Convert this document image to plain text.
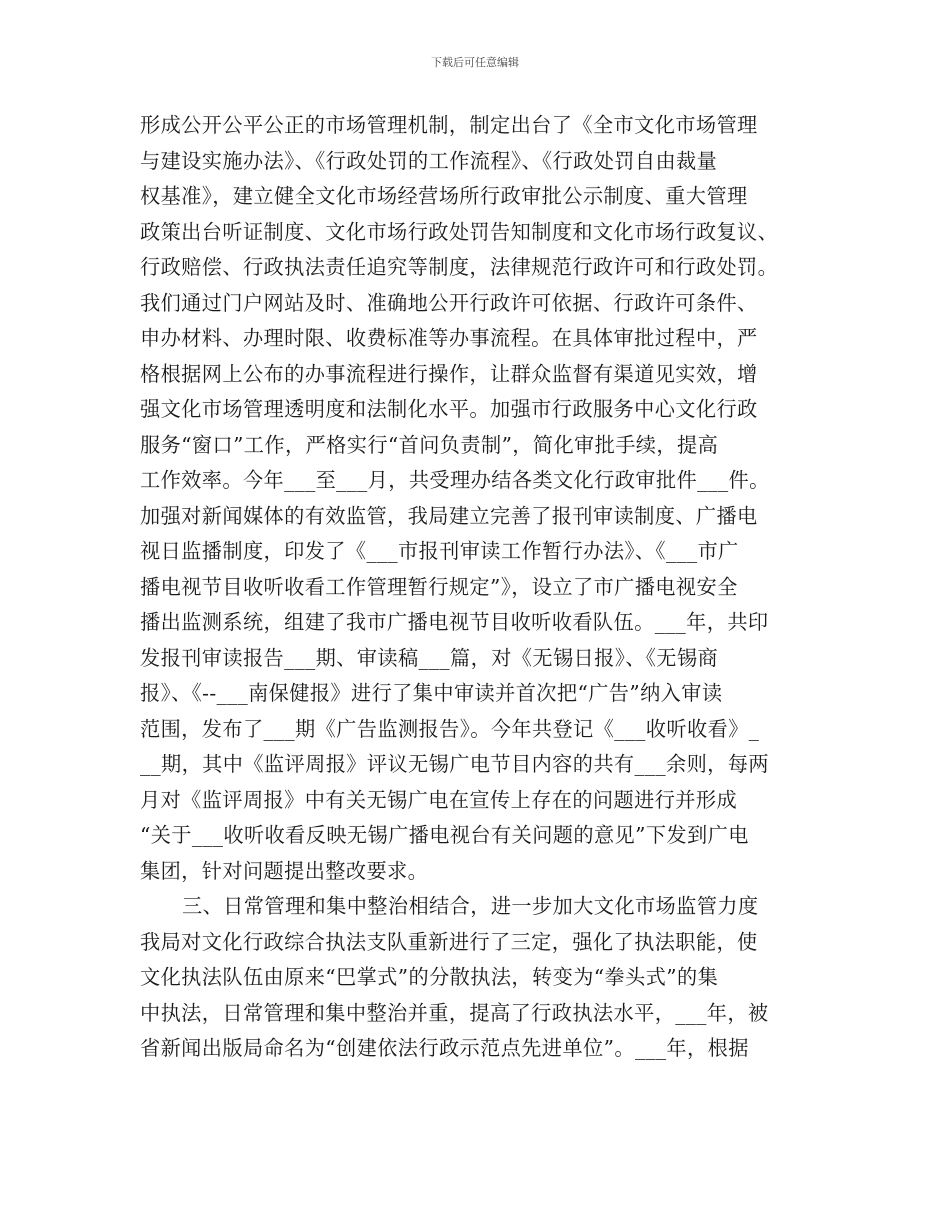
下载后可任意编辑
形成公开公平公正的市场管理机制，制定出台了《全市文化市场管理
与建设实施办法》、《行政处罚的工作流程》、《行政处罚自由裁量
权基准》，建立健全文化市场经营场所行政审批公示制度、重大管理
政策出台听证制度、文化市场行政处罚告知制度和文化市场行政复议、
行政赔偿、行政执法责任追究等制度，法律规范行政许可和行政处罚。
我们通过门户网站及时、准确地公开行政许可依据、行政许可条件、
申办材料、办理时限、收费标准等办事流程。在具体审批过程中，严
格根据网上公布的办事流程进行操作，让群众监督有渠道见实效，增
强文化市场管理透明度和法制化水平。加强市行政服务中心文化行政
服务“窗口”工作，严格实行“首问负责制”，简化审批手续，提高
工作效率。今年___至___月，共受理办结各类文化行政审批件___件。
加强对新闻媒体的有效监管，我局建立完善了报刊审读制度、广播电
视日监播制度，印发了《___市报刊审读工作暂行办法》、《___市广
播电视节目收听收看工作管理暂行规定”》，设立了市广播电视安全
播出监测系统，组建了我市广播电视节目收听收看队伍。___年，共印
发报刊审读报告___期、审读稿___篇，对《无锡日报》、《无锡商
报》、《--___南保健报》进行了集中审读并首次把“广告”纳入审读
范围，发布了___期《广告监测报告》。今年共登记《___收听收看》_
__期，其中《监评周报》评议无锡广电节目内容的共有___余则，每两
月对《监评周报》中有关无锡广电在宣传上存在的问题进行并形成
“关于___收听收看反映无锡广播电视台有关问题的意见”下发到广电
集团，针对问题提出整改要求。
三、日常管理和集中整治相结合，进一步加大文化市场监管力度
我局对文化行政综合执法支队重新进行了三定，强化了执法职能，使
文化执法队伍由原来“巴掌式”的分散执法，转变为“拳头式”的集
中执法，日常管理和集中整治并重，提高了行政执法水平，___年，被
省新闻出版局命名为“创建依法行政示范点先进单位”。___年，根据
